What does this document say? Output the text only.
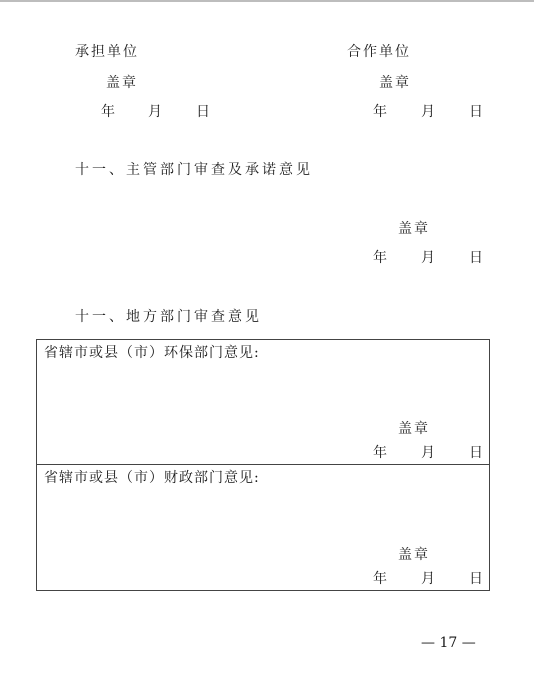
承担单位	合作单位
盖章	盖章
年 月 日	年 月 日
十一、主管部门审查及承诺意见
盖章
年 月 日
十一、地方部门审查意见
省辖市或县（市）环保部门意见:
盖章
年 月 日
省辖市或县（市）财政部门意见:
盖章
年 月 日
— 17 —
